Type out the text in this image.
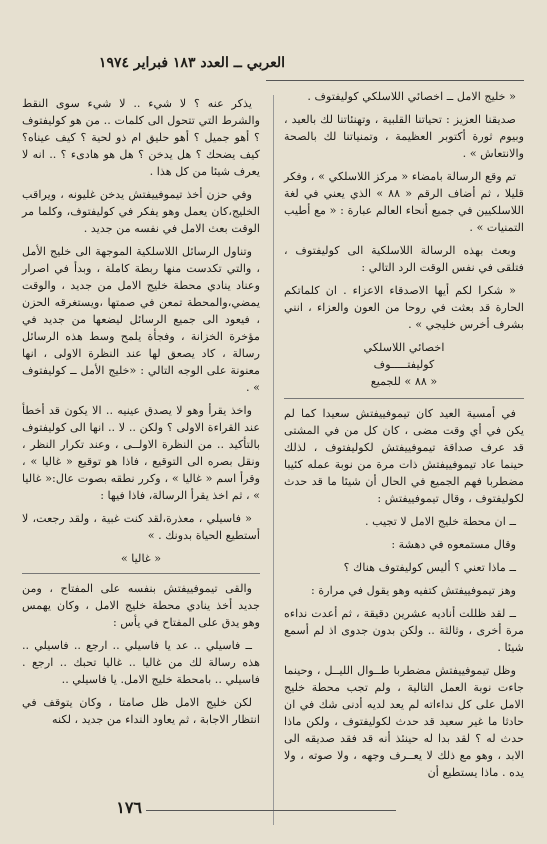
العربي ــ العدد ١٨٣ فبراير ١٩٧٤

« خليج الامل ــ اخصائي اللاسلكي كوليفتوف .

صديقنا العزيز : تحياتنا القلبية ، وتهنئاتنا لك بالعيد ، وبيوم ثورة أكتوبر العظيمة ، وتمنياتنا لك بالصحة والانتعاش » .

تم وقع الرسالة بامضاء « مركز اللاسلكي » ، وفكر قليلا ، ثم أضاف الرقم « ٨٨ » الذي يعني في لغة اللاسلكيين في جميع أنحاء العالم عبارة : « مع أطيب التمنيات » .

وبعث بهذه الرسالة اللاسلكية الى كوليفتوف ، فتلقى في نفس الوقت الرد التالي :

« شكرا لكم أيها الاصدقاء الاعزاء . ان كلماتكم الحارة قد بعثت في روحا من العون والعزاء ، انني بشرف أخرس خليجي » .

اخصائي اللاسلكي
كوليفتـــــوف
« ٨٨ » للجميع

في أمسية العيد كان تيموفييفتش سعيدا كما لم يكن في أي وقت مضى ، كان كل من في المشتى قد عرف صداقة تيموفييفتش لكوليفتوف ، لذلك حينما عاد تيموفييفتش ذات مرة من نوبة عمله كئيبا مضطربا فهم الجميع في الحال أن شيئا ما قد حدث لكوليفتوف ، وقال تيموفييفتش :

ــ ان محطة خليج الامل لا تجيب .

وقال مستمعوه في دهشة :

ــ ماذا تعني ؟ أليس كوليفتوف هناك ؟

وهز تيموفييفتش كتفيه وهو يقول في مرارة :

ــ لقد ظللت أناديه عشرين دقيقة ، ثم أعدت نداءه مرة أخرى ، وثالثة .. ولكن بدون جدوى اذ لم أسمع شيئا .

وظل تيموفييفتش مضطربا طــوال الليــل ، وحينما جاءت نوبة العمل التالية ، ولم تجب محطة خليج الامل على كل نداءاته لم يعد لديه أدنى شك في ان حادثا ما غير سعيد قد حدث لكوليفتوف ، ولكن ماذا حدث له ؟ لقد بدا له حينئذ أنه قد فقد صديقه الى الابد ، وهو مع ذلك لا يعــرف وجهه ، ولا صوته ، ولا يده . ماذا يستطيع أن

يذكر عنه ؟ لا شيء .. لا شيء سوى النقط والشرط التي تتحول الى كلمات .. من هو كوليفتوف ؟ أهو جميل ؟ أهو حليق ام ذو لحية ؟ كيف عيناه؟ كيف يضحك ؟ هل يدخن ؟ هل هو هادىء ؟ .. انه لا يعرف شيئا من كل هذا .

وفي حزن أخذ تيموفييفتش يدخن غليونه ، ويراقب الخليج،كان يعمل وهو يفكر في كوليفتوف، وكلما مر الوقت بعث الامل في نفسه من جديد .

وتناول الرسائل اللاسلكية الموجهة الى خليج الأمل ، والتي تكدست منها ربطة كاملة ، وبدأ في اصرار وعناد ينادي محطة خليج الامل من جديد ، والوقت يمضي،والمحطة تمعن في صمتها ،ويستغرقه الحزن ، فيعود الى جميع الرسائل ليضعها من جديد في مؤخرة الخزانة ، وفجأة يلمح وسط هذه الرسائل رسالة ، كاد يصعق لها عند النظرة الاولى ، انها معنونة على الوجه التالي : «خليج الأمل ــ كوليفتوف » .

واخذ يقرأ وهو لا يصدق عينيه .. الا يكون قد أخطأ عند القراءة الاولى ؟ ولكن .. لا .. انها الى كوليفتوف بالتأكيد .. من النظرة الاولــى ، وعند تكرار النظر ، ونقل بصره الى التوقيع ، فاذا هو توقيع « غاليا » ، وقرأ اسم « غاليا » ، وكرر نطقه بصوت عال:« غاليا » ، ثم اخذ يقرأ الرسالة، فاذا فيها :

« فاسيلي ، معذرة،لقد كنت غبية ، ولقد رجعت، لا أستطيع الحياة بدونك . »

« غاليا »

والقى تيموفييفتش بنفسه على المفتاح ، ومن جديد أخذ ينادي محطة خليج الامل ، وكان يهمس وهو يدق على المفتاح في يأس :

ــ فاسيلي .. عد يا فاسيلي .. ارجع .. فاسيلي .. هذه رسالة لك من غاليا .. غاليا تحبك .. ارجع . فاسيلي .. بامحطة خليج الامل. يا فاسيلي ..

لكن خليج الامل ظل صامتا ، وكان يتوقف في انتظار الاجابة ، ثم يعاود النداء من جديد ، لكنه

١٧٦
